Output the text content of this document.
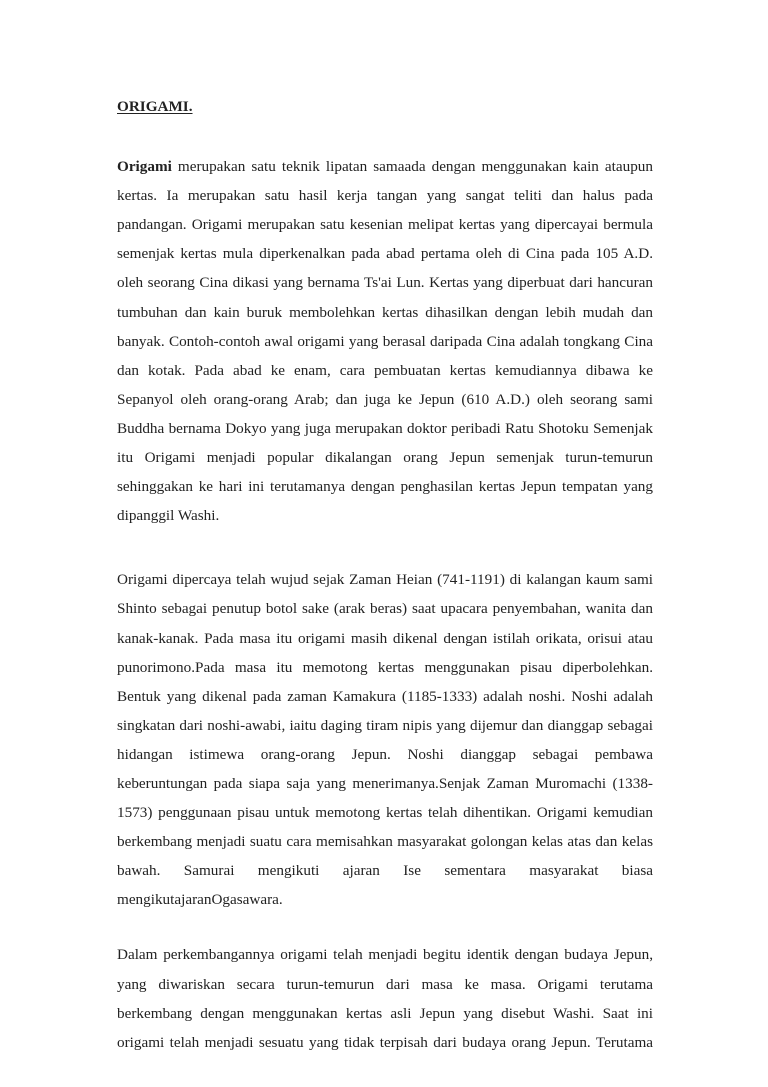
ORIGAMI.

Origami merupakan satu teknik lipatan samaada dengan menggunakan kain ataupun kertas. Ia merupakan satu hasil kerja tangan yang sangat teliti dan halus pada pandangan. Origami merupakan satu kesenian melipat kertas yang dipercayai bermula semenjak kertas mula diperkenalkan pada abad pertama oleh di Cina pada 105 A.D. oleh seorang Cina dikasi yang bernama Ts'ai Lun. Kertas yang diperbuat dari hancuran tumbuhan dan kain buruk membolehkan kertas dihasilkan dengan lebih mudah dan banyak. Contoh-contoh awal origami yang berasal daripada Cina adalah tongkang Cina dan kotak. Pada abad ke enam, cara pembuatan kertas kemudiannya dibawa ke Sepanyol oleh orang-orang Arab; dan juga ke Jepun (610 A.D.) oleh seorang sami Buddha bernama Dokyo yang juga merupakan doktor peribadi Ratu Shotoku Semenjak itu Origami menjadi popular dikalangan orang Jepun semenjak turun-temurun sehinggakan ke hari ini terutamanya dengan penghasilan kertas Jepun tempatan yang dipanggil Washi.

Origami dipercaya telah wujud sejak Zaman Heian (741-1191) di kalangan kaum sami Shinto sebagai penutup botol sake (arak beras) saat upacara penyembahan, wanita dan kanak-kanak. Pada masa itu origami masih dikenal dengan istilah orikata, orisui atau punorimono.Pada masa itu memotong kertas menggunakan pisau diperbolehkan. Bentuk yang dikenal pada zaman Kamakura (1185-1333) adalah noshi. Noshi adalah singkatan dari noshi-awabi, iaitu daging tiram nipis yang dijemur dan dianggap sebagai hidangan istimewa orang-orang Jepun. Noshi dianggap sebagai pembawa keberuntungan pada siapa saja yang menerimanya.Senjak Zaman Muromachi (1338-1573) penggunaan pisau untuk memotong kertas telah dihentikan. Origami kemudian berkembang menjadi suatu cara memisahkan masyarakat golongan kelas atas dan kelas bawah. Samurai mengikuti ajaran Ise sementara masyarakat biasa mengikutajaranOgasawara.

Dalam perkembangannya origami telah menjadi begitu identik dengan budaya Jepun, yang diwariskan secara turun-temurun dari masa ke masa. Origami terutama berkembang dengan menggunakan kertas asli Jepun yang disebut Washi. Saat ini origami telah menjadi sesuatu yang tidak terpisah dari budaya orang Jepun. Terutama
